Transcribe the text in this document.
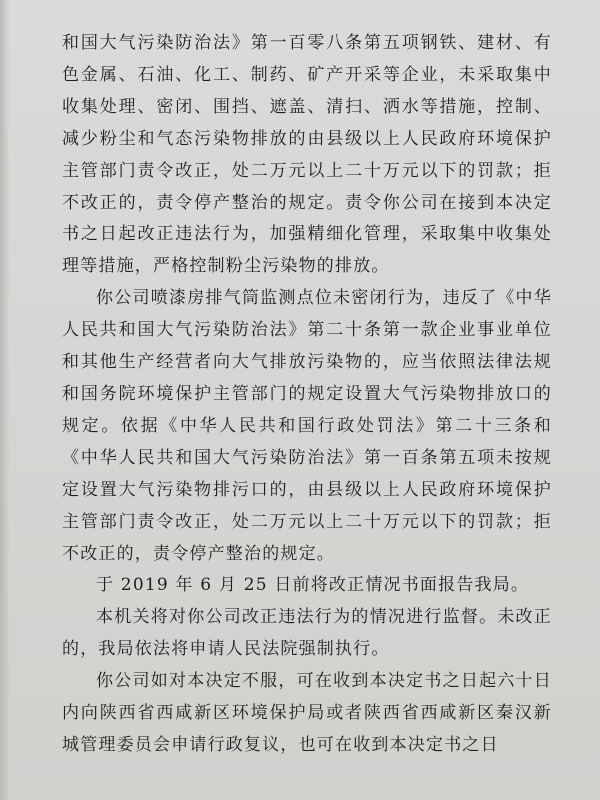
和国大气污染防治法》第一百零八条第五项钢铁、建材、有色金属、石油、化工、制药、矿产开采等企业，未采取集中收集处理、密闭、围挡、遮盖、清扫、洒水等措施，控制、减少粉尘和气态污染物排放的由县级以上人民政府环境保护主管部门责令改正，处二万元以上二十万元以下的罚款；拒不改正的，责令停产整治的规定。责令你公司在接到本决定书之日起改正违法行为，加强精细化管理，采取集中收集处理等措施，严格控制粉尘污染物的排放。

你公司喷漆房排气筒监测点位未密闭行为，违反了《中华人民共和国大气污染防治法》第二十条第一款企业事业单位和其他生产经营者向大气排放污染物的，应当依照法律法规和国务院环境保护主管部门的规定设置大气污染物排放口的规定。依据《中华人民共和国行政处罚法》第二十三条和《中华人民共和国大气污染防治法》第一百条第五项未按规定设置大气污染物排污口的，由县级以上人民政府环境保护主管部门责令改正，处二万元以上二十万元以下的罚款；拒不改正的，责令停产整治的规定。

于 2019 年 6 月 25 日前将改正情况书面报告我局。

本机关将对你公司改正违法行为的情况进行监督。未改正的，我局依法将申请人民法院强制执行。

你公司如对本决定不服，可在收到本决定书之日起六十日内向陕西省西咸新区环境保护局或者陕西省西咸新区秦汉新城管理委员会申请行政复议，也可在收到本决定书之日
